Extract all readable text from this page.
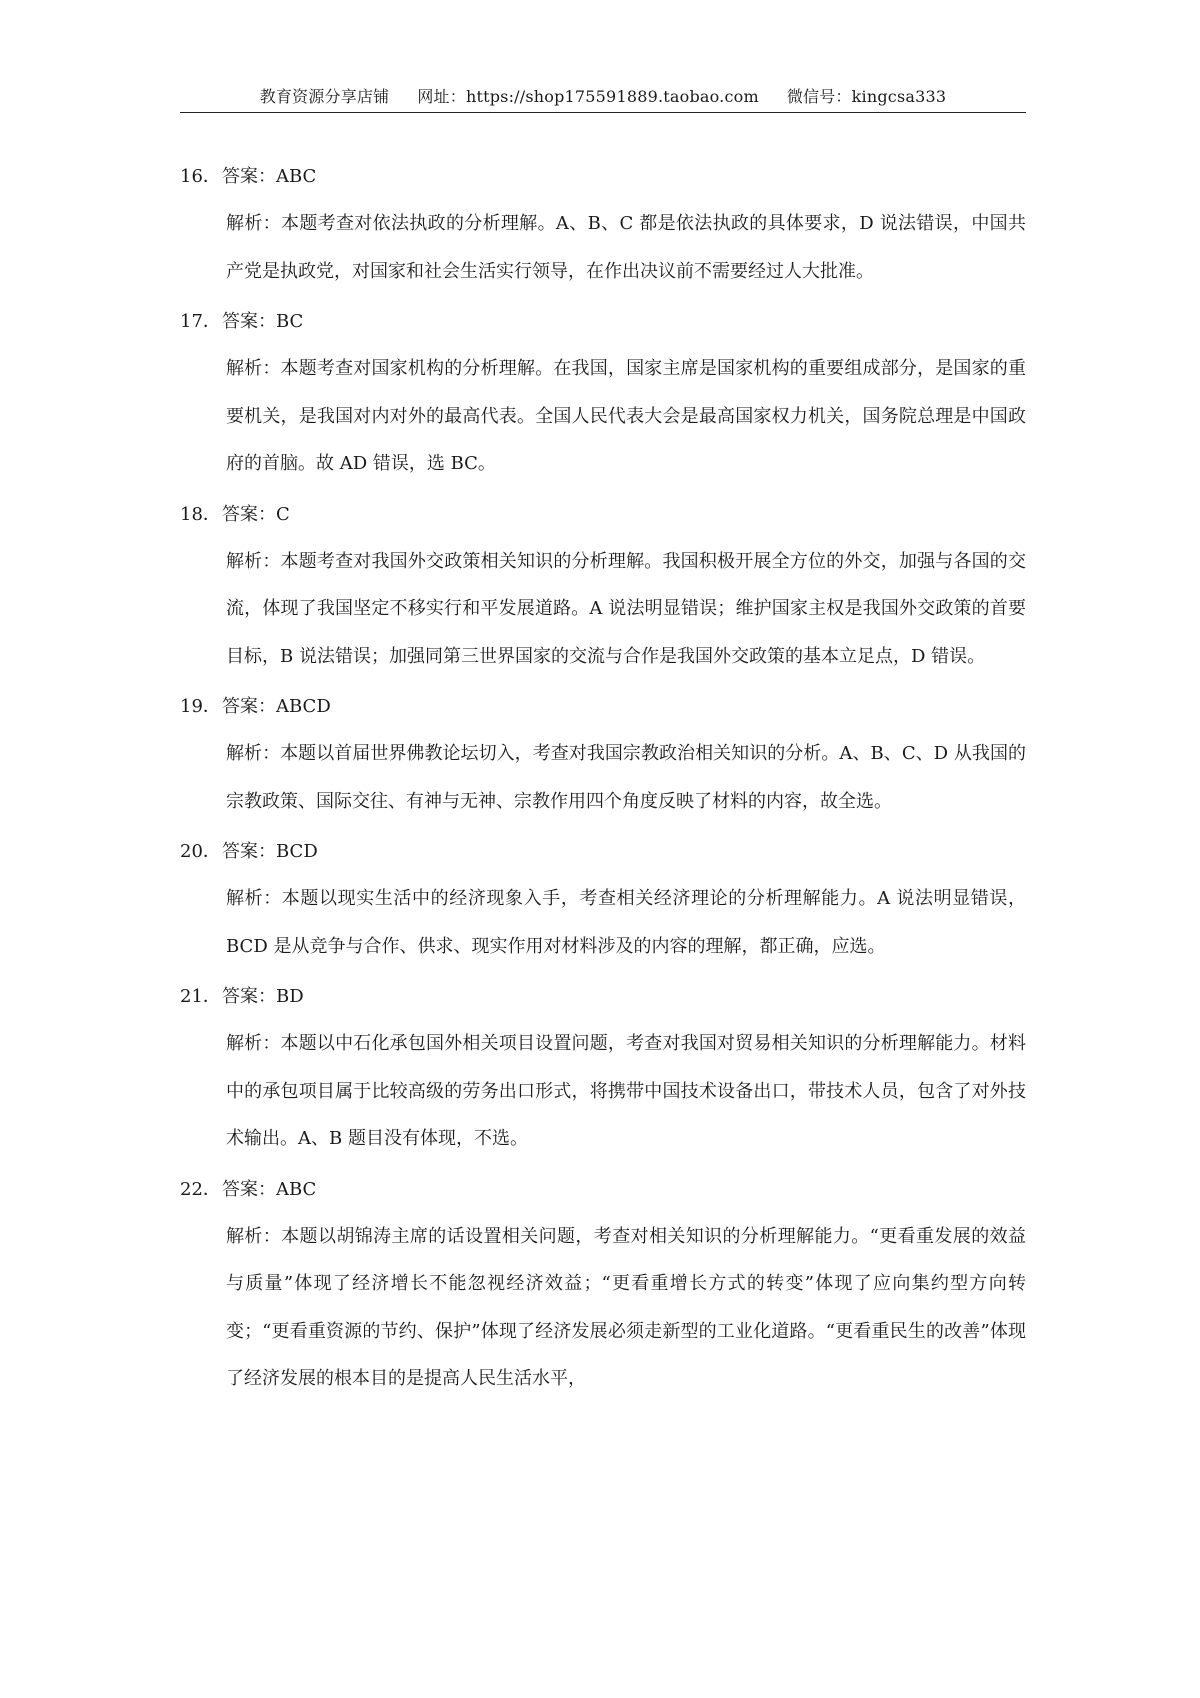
教育资源分享店铺 网址：https://shop175591889.taobao.com 微信号：kingcsa333
16．答案：ABC
解析：本题考查对依法执政的分析理解。A、B、C 都是依法执政的具体要求，D 说法错误，中国共产党是执政党，对国家和社会生活实行领导，在作出决议前不需要经过人大批准。
17．答案：BC
解析：本题考查对国家机构的分析理解。在我国，国家主席是国家机构的重要组成部分，是国家的重要机关，是我国对内对外的最高代表。全国人民代表大会是最高国家权力机关，国务院总理是中国政府的首脑。故 AD 错误，选 BC。
18．答案：C
解析：本题考查对我国外交政策相关知识的分析理解。我国积极开展全方位的外交，加强与各国的交流，体现了我国坚定不移实行和平发展道路。A 说法明显错误；维护国家主权是我国外交政策的首要目标，B 说法错误；加强同第三世界国家的交流与合作是我国外交政策的基本立足点，D 错误。
19．答案：ABCD
解析：本题以首届世界佛教论坛切入，考查对我国宗教政治相关知识的分析。A、B、C、D 从我国的宗教政策、国际交往、有神与无神、宗教作用四个角度反映了材料的内容，故全选。
20．答案：BCD
解析：本题以现实生活中的经济现象入手，考查相关经济理论的分析理解能力。A 说法明显错误，BCD 是从竞争与合作、供求、现实作用对材料涉及的内容的理解，都正确，应选。
21．答案：BD
解析：本题以中石化承包国外相关项目设置问题，考查对我国对贸易相关知识的分析理解能力。材料中的承包项目属于比较高级的劳务出口形式，将携带中国技术设备出口，带技术人员，包含了对外技术输出。A、B 题目没有体现，不选。
22．答案：ABC
解析：本题以胡锦涛主席的话设置相关问题，考查对相关知识的分析理解能力。“更看重发展的效益与质量”体现了经济增长不能忽视经济效益；“更看重增长方式的转变”体现了应向集约型方向转变；“更看重资源的节约、保护”体现了经济发展必须走新型的工业化道路。“更看重民生的改善”体现了经济发展的根本目的是提高人民生活水平，
